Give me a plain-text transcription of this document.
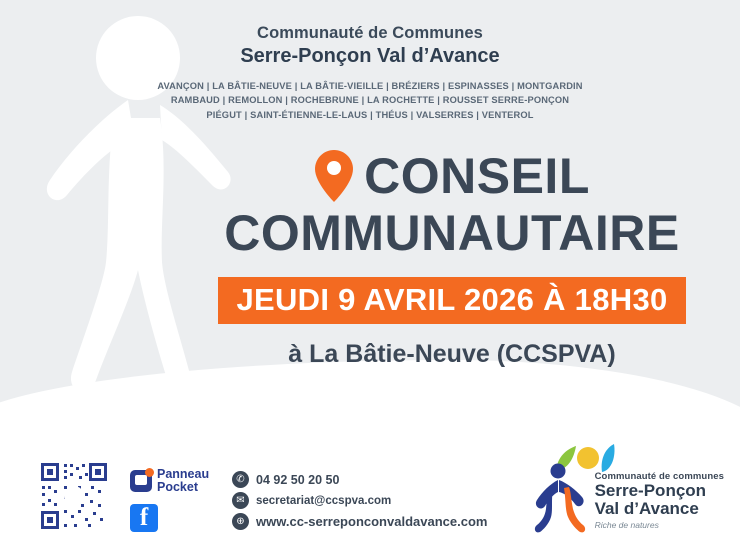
Communauté de Communes
Serre-Ponçon Val d’Avance
AVANÇON | LA BÂTIE-NEUVE | LA BÂTIE-VIEILLE | BRÉZIERS | ESPINASSES | MONTGARDIN
RAMBAUD | REMOLLON | ROCHEBRUNE | LA ROCHETTE | ROUSSET SERRE-PONÇON
PIÉGUT | SAINT-ÉTIENNE-LE-LAUS | THÉUS | VALSERRES | VENTEROL
CONSEIL
COMMUNAUTAIRE
JEUDI 9 AVRIL 2026 À 18H30
à La Bâtie-Neuve (CCSPVA)
Panneau
Pocket
f
✆ 04 92 50 20 50
✉ secretariat@ccspva.com
⊕ www.cc-serreponconvaldavance.com
Communauté de communes
Serre-Ponçon
Val d’Avance
Riche de natures
